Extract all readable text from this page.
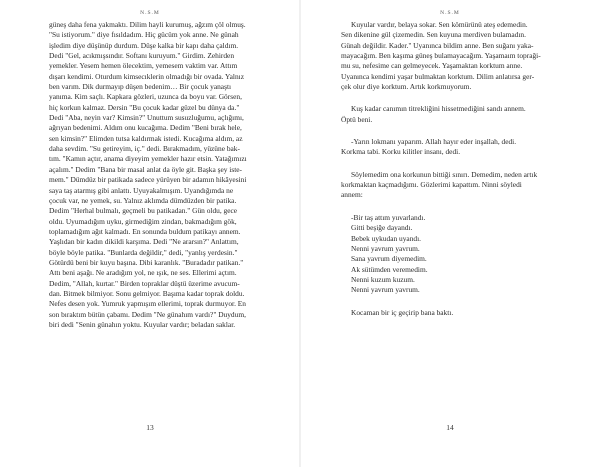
N.S.M
güneş daha fena yakmaktı. Dilim hayli kurumuş, ağzım çöl olmuş.
"Su istiyorum." diye fısıldadım. Hiç gücüm yok anne. Ne günah
işledim diye düşünüp durdum. Düşe kalka bir kapı daha çaldım.
Dedi "Gel, acıkmışsındır. Softanı kuruyum." Girdim. Zehirden
yemekler. Yesem hemen ölecektim, yemesem vaktim var. Attım
dışarı kendimi. Oturdum kimsecıklerin olmadığı bir ovada. Yalnız
ben varım. Dik durmayıp düşen bedenim… Bir çocuk yanaştı
yanıma. Kim saçlı. Kapkara gözleri, uzunca da boyu var. Görsen,
hiç korkun kalmaz. Dersin "Bu çocuk kadar güzel bu dünya da."
Dedi "Aba, neyin var? Kimsin?" Unuttum susuzluğumu, açlığımı,
ağrıyan bedenimi. Aldım onu kucağıma. Dedim "Beni bırak hele,
sen kimsin?" Elimden tutsa kaldırmak istedi. Kucağıma aldım, az
daha sevdim. "Su getireyim, iç." dedi. Bırakmadım, yüzüne bak-
tım. "Kamın açtır, anama diyeyim yemekler hazır etsin. Yatağımızı
açalım." Dedim "Bana bir masal anlat da öyle git. Başka şey iste-
mem." Dümdüz bir patikada sadece yürüyen bir adamın hikâyesini
saya taş atarmış gibi anlattı. Uyuyakalmışım. Uyandığımda ne
çocuk var, ne yemek, su. Yalnız aklımda dümdüzden bir patika.
Dedim "Herhal bulmalı, geçmeli bu patikadan." Gün oldu, gece
oldu. Uyumadığım uyku, girmediğim zindan, bakmadığım gök,
toplamadığım ağıt kalmadı. En sonunda buldum patikayı annem.
Yaşlıdan bir kadın dikildi karşıma. Dedi "Ne ararsın?" Anlattım,
böyle böyle patika. "Bunlarda değildir," dedi, "yanlış yerdesin."
Götürdü beni bir kuyu başına. Dibi karanlık. "Buradadır patikan."
Attı beni aşağı. Ne aradığım yol, ne ışık, ne ses. Ellerimi açtım.
Dedim, "Allah, kurtar." Birden topraklar düştü üzerime avucum-
dan. Bitmek bilmiyor. Sonu gelmiyor. Başıma kadar toprak doldu.
Nefes desen yok. Yumruk yapmışım ellerimi, toprak durmuyor. En
son bıraktım bütün çabamı. Dedim "Ne günahım vardı?" Duydum,
biri dedi "Senin günahın yoktu. Kuyular vardır; beladan saklar.
13
N.S.M
Kuyular vardır, belaya sokar. Sen kömürünü ateş edemedin.
Sen dikenine gül çizemedin. Sen kuyuna merdiven bulamadın.
Günah değildir. Kader." Uyanınca bildim anne. Ben suğanı yaka-
mayacağım. Ben kaşıma güneş bulamayacağım. Yaşamaım topraği-
mu su, nefesime can gelmeyecek. Yaşamaktan korktum anne.
Uyanınca kendimi yaşar bulmaktan korktum. Dilim anlatırsa ger-
çek olur diye korktum. Artık korkmuyorum.
Kuş kadar canımın titrekliğini hissetmediğini sandı annem.
Öptü beni.
-Yarın lokmanı yaparım. Allah hayır eder inşallah, dedi.
Korkma tabi. Korku kilitler insanı, dedi.
Söylemedim ona korkunun bittiği sınırı. Demedim, neden artık
korkmaktan kaçmadığımı. Gözlerimi kapattım. Ninni söyledi
annem:
-Bir taş attım yuvarlandı.
Gitti beşiğe dayandı.
Bebek uykudan uyandı.
Nenni yavrum yavrum.
Sana yavrum diyemedim.
Ak sütümden veremedim.
Nenni kuzum kuzum.
Nenni yavrum yavrum.
Kocaman bir iç geçirip bana baktı.
14
